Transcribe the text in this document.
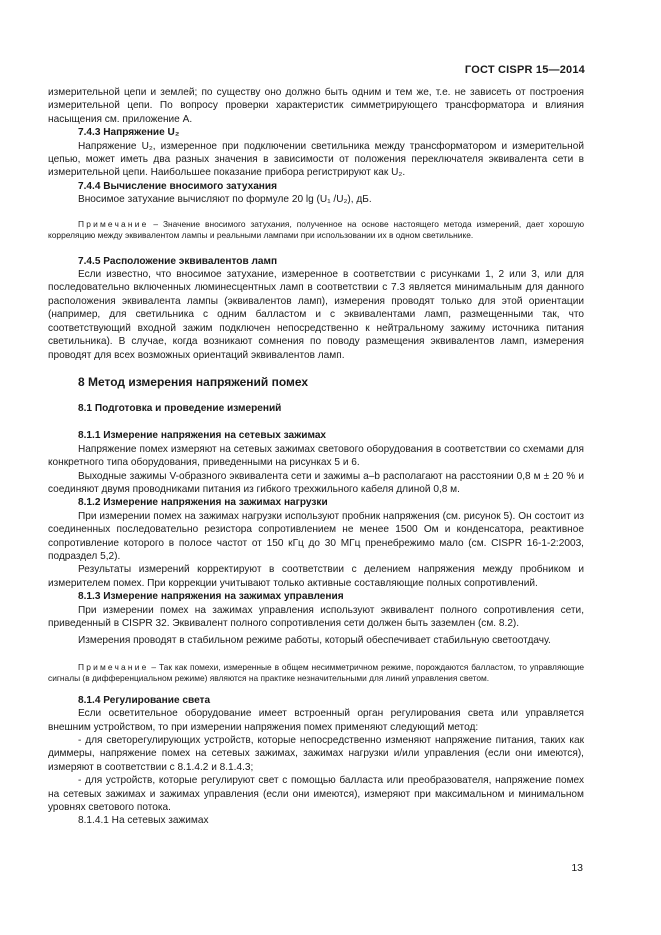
ГОСТ CISPR 15—2014

измерительной цепи и землей; по существу оно должно быть одним и тем же, т.е. не зависеть от построения измерительной цепи. По вопросу проверки характеристик симметрирующего трансформатора и влияния насыщения см. приложение А.

7.4.3 Напряжение U₂

Напряжение U₂, измеренное при подключении светильника между трансформатором и измерительной цепью, может иметь два разных значения в зависимости от положения переключателя эквивалента сети в измерительной цепи. Наибольшее показание прибора регистрируют как U₂.

7.4.4 Вычисление вносимого затухания

Вносимое затухание вычисляют по формуле 20 lg (U₁ /U₂), дБ.

Примечание – Значение вносимого затухания, полученное на основе настоящего метода измерений, дает хорошую корреляцию между эквивалентом лампы и реальными лампами при использовании их в одном светильнике.

7.4.5 Расположение эквивалентов ламп

Если известно, что вносимое затухание, измеренное в соответствии с рисунками 1, 2 или 3, или для последовательно включенных люминесцентных ламп в соответствии с 7.3 является минимальным для данного расположения эквивалента лампы (эквивалентов ламп), измерения проводят только для этой ориентации (например, для светильника с одним балластом и с эквивалентами ламп, размещенными так, что соответствующий входной зажим подключен непосредственно к нейтральному зажиму источника питания светильника). В случае, когда возникают сомнения по поводу размещения эквивалентов ламп, измерения проводят для всех возможных ориентаций эквивалентов ламп.

8 Метод измерения напряжений помех

8.1 Подготовка и проведение измерений

8.1.1 Измерение напряжения на сетевых зажимах

Напряжение помех измеряют на сетевых зажимах светового оборудования в соответствии со схемами для конкретного типа оборудования, приведенными на рисунках 5 и 6.

Выходные зажимы V-образного эквивалента сети и зажимы a–b располагают на расстоянии 0,8 м ± 20 % и соединяют двумя проводниками питания из гибкого трехжильного кабеля длиной 0,8 м.

8.1.2 Измерение напряжения на зажимах нагрузки

При измерении помех на зажимах нагрузки используют пробник напряжения (см. рисунок 5). Он состоит из соединенных последовательно резистора сопротивлением не менее 1500 Ом и конденсатора, реактивное сопротивление которого в полосе частот от 150 кГц до 30 МГц пренебрежимо мало (см. CISPR 16-1-2:2003, подраздел 5,2).

Результаты измерений корректируют в соответствии с делением напряжения между пробником и измерителем помех. При коррекции учитывают только активные составляющие полных сопротивлений.

8.1.3 Измерение напряжения на зажимах управления

При измерении помех на зажимах управления используют эквивалент полного сопротивления сети, приведенный в CISPR 32. Эквивалент полного сопротивления сети должен быть заземлен (см. 8.2).

Измерения проводят в стабильном режиме работы, который обеспечивает стабильную светоотдачу.

Примечание – Так как помехи, измеренные в общем несимметричном режиме, порождаются балластом, то управляющие сигналы (в дифференциальном режиме) являются на практике незначительными для линий управления светом.

8.1.4 Регулирование света

Если осветительное оборудование имеет встроенный орган регулирования света или управляется внешним устройством, то при измерении напряжения помех применяют следующий метод:

- для светорегулирующих устройств, которые непосредственно изменяют напряжение питания, таких как диммеры, напряжение помех на сетевых зажимах, зажимах нагрузки и/или управления (если они имеются), измеряют в соответствии с 8.1.4.2 и 8.1.4.3;

- для устройств, которые регулируют свет с помощью балласта или преобразователя, напряжение помех на сетевых зажимах и зажимах управления (если они имеются), измеряют при максимальном и минимальном уровнях светового потока.

8.1.4.1 На сетевых зажимах

13
